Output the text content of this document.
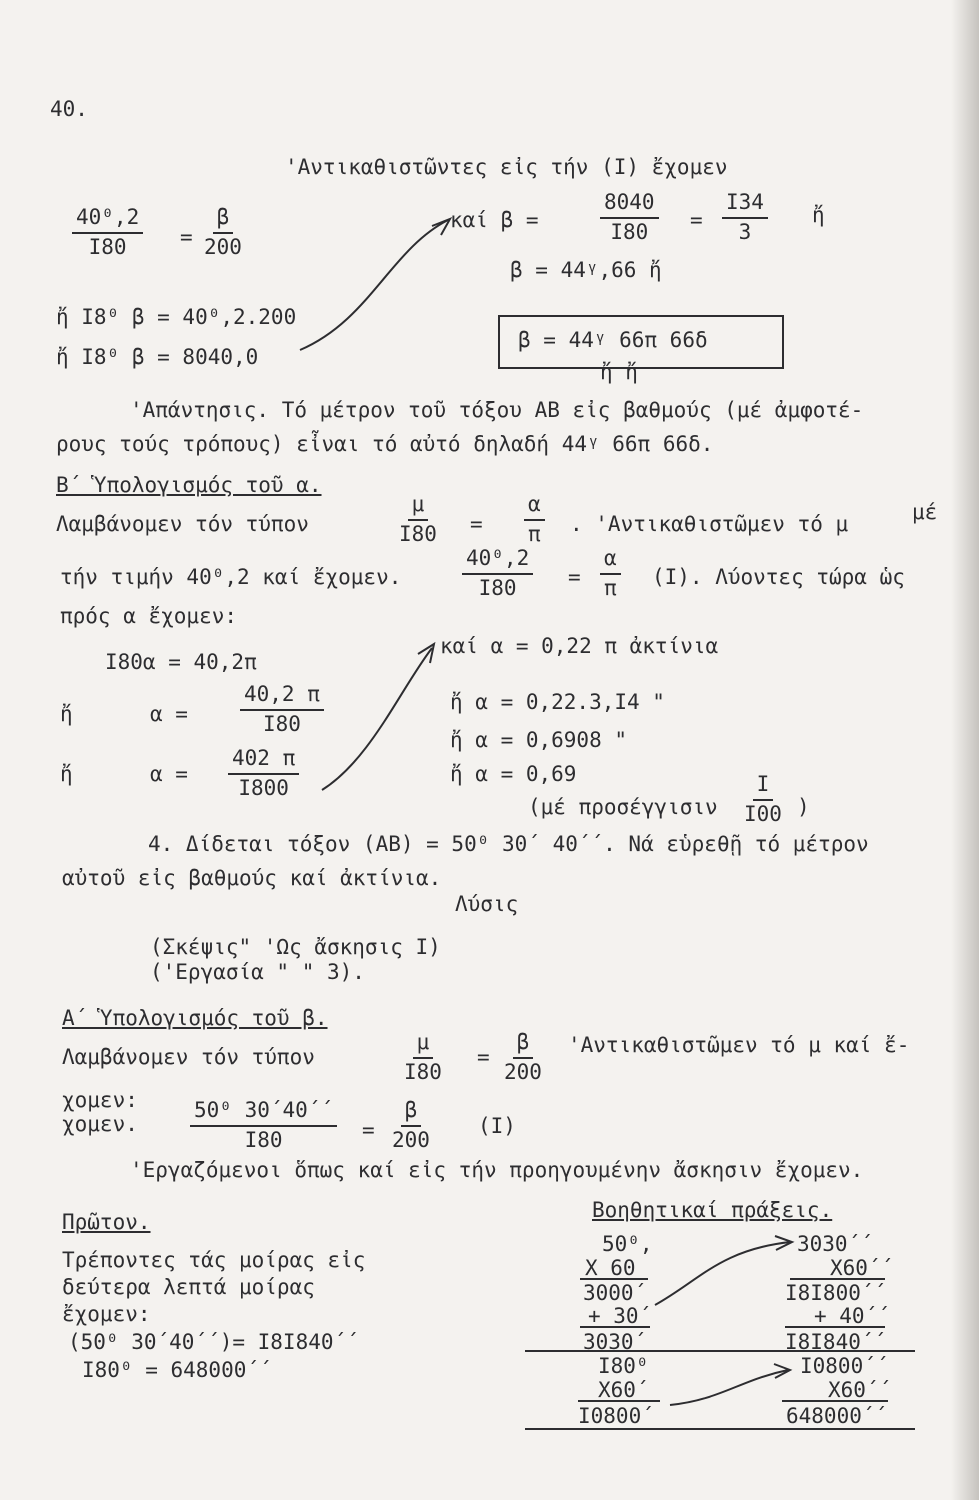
40.
'Αντικαθιστῶντες εἰς τήν (Ι) ἔχομεν
$\frac{\text{40⁰,2}}{I80} = \frac{\beta}{200}$	καί β =	$\frac{8040}{I80} = \frac{I34}{3}$ ἤ
β = 44ᵞ,66 ἤ
ἤ Ι8⁰ β = 40⁰,2.200
ἤ Ι8⁰ β = 8040,0
β = 44ᵞ 66π 66δ
ἤ ἤ
'Απάντησις. Τό μέτρον τοῦ τόξου ΑΒ εἰς βαθμούς (μέ ἀμφοτέ-
ρους τούς τρόπους) εἶναι τό αὐτό δηλαδή 44ᵞ 66π 66δ.
Β΄ Ὑπολογισμός τοῦ α.
Λαμβάνομεν τόν τύπον	$\frac{\mu}{I80} = \frac{\alpha}{\pi}$ . 'Αντικαθιστῶμεν τό μ	μέ
τήν τιμήν 40⁰,2 καί ἔχομεν.	$\frac{\text{40⁰,2}}{I80} = \frac{\alpha}{\pi} (I)$. Λύοντες τώρα ὡς
πρός α ἔχομεν:
Ι80α = 40,2π
ἤ	$\alpha = \frac{40,2 \pi}{I80}$
ἤ	$\alpha = \frac{402 \pi}{I800}$
καί α = 0,22 π ἀκτίνια
ἤ α = 0,22.3,Ι4 "
ἤ α = 0,6908 "
ἤ α = 0,69
(μέ προσέγγισιν $\frac{I}{I00}$ )
4. Δίδεται τόξον (ΑΒ) = 50⁰ 30΄ 40΄΄. Νά εὑρεθῇ τό μέτρον
αὐτοῦ εἰς βαθμούς καί ἀκτίνια.
Λύσις
(Σκέψις" 'Ως ἄσκησις Ι)
('Εργασία " " 3).
Α΄ Ὑπολογισμός τοῦ β.
Λαμβάνομεν τόν τύπον	$\frac{\mu}{I80} = \frac{\beta}{200}$ 'Αντικαθιστῶμεν τό μ καί ἔ-
χομεν:
χομεν. $\frac{\text{50⁰ 30΄40΄΄}}{I80} = \frac{\beta}{200} (I)$
'Εργαζόμενοι ὅπως καί εἰς τήν προηγουμένην ἄσκησιν ἔχομεν.
Πρῶτον.
Τρέποντες τάς μοίρας εἰς
δεύτερα λεπτά μοίρας
ἔχομεν:
(50⁰ 30΄40΄΄)= Ι8Ι840΄΄
Ι80⁰ = 648000΄΄
Βοηθητικαί πράξεις.
50⁰,
Χ 60
3000΄
+ 30΄
3030΄
Ι80⁰
Χ60΄
Ι0800΄
3030΄΄
Χ60΄΄
Ι8Ι800΄΄
+ 40΄΄
Ι8Ι840΄΄
Ι0800΄΄
Χ60΄΄
648000΄΄
